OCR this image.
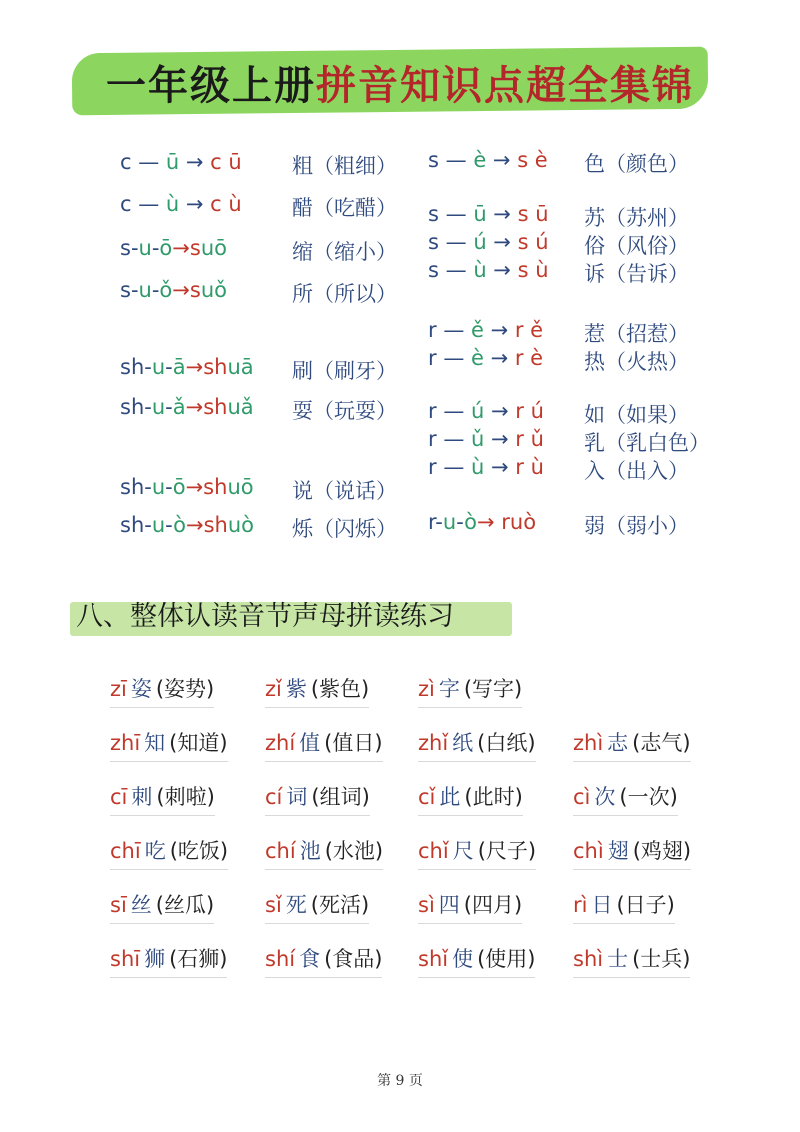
一年级上册拼音知识点超全集锦
c — ū → c ū 粗（粗细）
c — ù → c ù 醋（吃醋）
s-u-ō→suō	缩（缩小）
s-u-ǒ→suǒ	所（所以）
sh-u-ā→shuā 刷（刷牙）
sh-u-ǎ→shuǎ 耍（玩耍）
sh-u-ō→shuō 说（说话）
sh-u-ò→shuò 烁（闪烁）
s — è → s è 色（颜色）
s — ū → s ū 苏（苏州）
s — ú → s ú 俗（风俗）
s — ù → s ù 诉（告诉）
r — ě → r ě 惹（招惹）
r — è → r è 热（火热）
r — ú → r ú 如（如果）
r — ǔ → r ǔ 乳（乳白色）
r — ù → r ù 入（出入）
r-u-ò→ ruò 弱（弱小）
八、整体认读音节声母拼读练习
zī 姿 (姿势) zǐ 紫 (紫色) zì 字 (写字)
zhī 知 (知道) zhí 值 (值日) zhǐ 纸 (白纸) zhì 志 (志气)
cī 刺 (刺啦) cí 词 (组词) cǐ 此 (此时) cì 次 (一次)
chī 吃 (吃饭) chí 池 (水池) chǐ 尺 (尺子) chì 翅 (鸡翅)
sī 丝 (丝瓜) sǐ 死 (死活) sì 四 (四月) rì 日 (日子)
shī 狮 (石狮) shí 食 (食品) shǐ 使 (使用) shì 士 (士兵)
第 9 页
